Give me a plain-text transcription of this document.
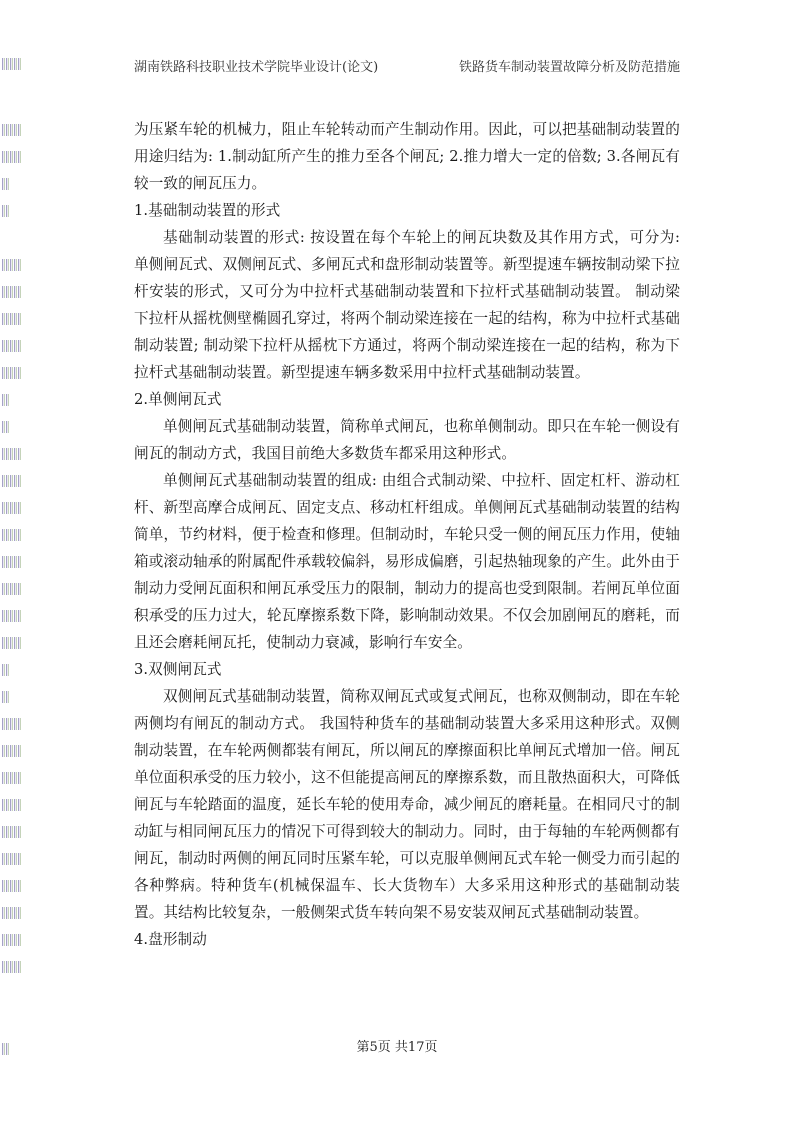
湖南铁路科技职业技术学院毕业设计(论文)	铁路货车制动装置故障分析及防范措施

为压紧车轮的机械力，阻止车轮转动而产生制动作用。因此，可以把基础制动装置的用途归结为: 1.制动缸所产生的推力至各个闸瓦; 2.推力增大一定的倍数; 3.各闸瓦有较一致的闸瓦压力。

1.基础制动装置的形式

基础制动装置的形式: 按设置在每个车轮上的闸瓦块数及其作用方式，可分为: 单侧闸瓦式、双侧闸瓦式、多闸瓦式和盘形制动装置等。新型提速车辆按制动梁下拉杆安装的形式，又可分为中拉杆式基础制动装置和下拉杆式基础制动装置。 制动梁下拉杆从摇枕侧壁椭圆孔穿过，将两个制动梁连接在一起的结构，称为中拉杆式基础制动装置; 制动梁下拉杆从摇枕下方通过，将两个制动梁连接在一起的结构，称为下拉杆式基础制动装置。新型提速车辆多数采用中拉杆式基础制动装置。

2.单侧闸瓦式

单侧闸瓦式基础制动装置，简称单式闸瓦，也称单侧制动。即只在车轮一侧设有闸瓦的制动方式，我国目前绝大多数货车都采用这种形式。

单侧闸瓦式基础制动装置的组成: 由组合式制动梁、中拉杆、固定杠杆、游动杠杆、新型高摩合成闸瓦、固定支点、移动杠杆组成。单侧闸瓦式基础制动装置的结构简单，节约材料，便于检查和修理。但制动时，车轮只受一侧的闸瓦压力作用，使轴箱或滚动轴承的附属配件承载较偏斜，易形成偏磨，引起热轴现象的产生。此外由于制动力受闸瓦面积和闸瓦承受压力的限制，制动力的提高也受到限制。若闸瓦单位面积承受的压力过大，轮瓦摩擦系数下降，影响制动效果。不仅会加剧闸瓦的磨耗，而且还会磨耗闸瓦托，使制动力衰减，影响行车安全。

3.双侧闸瓦式

双侧闸瓦式基础制动装置，简称双闸瓦式或复式闸瓦，也称双侧制动，即在车轮两侧均有闸瓦的制动方式。 我国特种货车的基础制动装置大多采用这种形式。双侧制动装置，在车轮两侧都装有闸瓦，所以闸瓦的摩擦面积比单闸瓦式增加一倍。闸瓦单位面积承受的压力较小，这不但能提高闸瓦的摩擦系数，而且散热面积大，可降低闸瓦与车轮踏面的温度，延长车轮的使用寿命，减少闸瓦的磨耗量。在相同尺寸的制动缸与相同闸瓦压力的情况下可得到较大的制动力。同时，由于每轴的车轮两侧都有闸瓦，制动时两侧的闸瓦同时压紧车轮，可以克服单侧闸瓦式车轮一侧受力而引起的各种弊病。特种货车(机械保温车、长大货物车）大多采用这种形式的基础制动装置。其结构比较复杂，一般侧架式货车转向架不易安装双闸瓦式基础制动装置。

4.盘形制动

第5页 共17页
